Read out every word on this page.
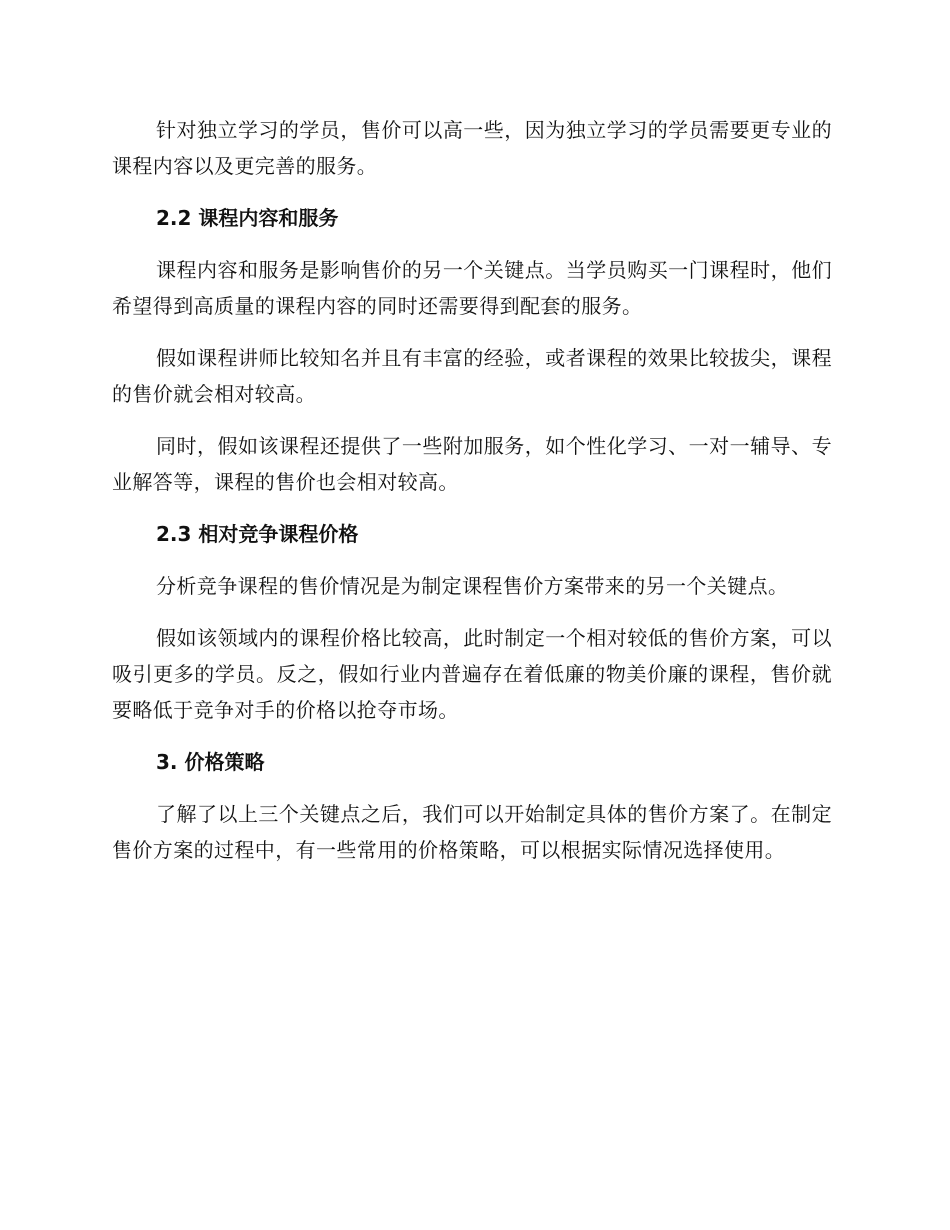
针对独立学习的学员，售价可以高一些，因为独立学习的学员需要更专业的课程内容以及更完善的服务。

2.2 课程内容和服务

课程内容和服务是影响售价的另一个关键点。当学员购买一门课程时，他们希望得到高质量的课程内容的同时还需要得到配套的服务。

假如课程讲师比较知名并且有丰富的经验，或者课程的效果比较拔尖，课程的售价就会相对较高。

同时，假如该课程还提供了一些附加服务，如个性化学习、一对一辅导、专业解答等，课程的售价也会相对较高。

2.3 相对竞争课程价格

分析竞争课程的售价情况是为制定课程售价方案带来的另一个关键点。

假如该领域内的课程价格比较高，此时制定一个相对较低的售价方案，可以吸引更多的学员。反之，假如行业内普遍存在着低廉的物美价廉的课程，售价就要略低于竞争对手的价格以抢夺市场。

3. 价格策略

了解了以上三个关键点之后，我们可以开始制定具体的售价方案了。在制定售价方案的过程中，有一些常用的价格策略，可以根据实际情况选择使用。
